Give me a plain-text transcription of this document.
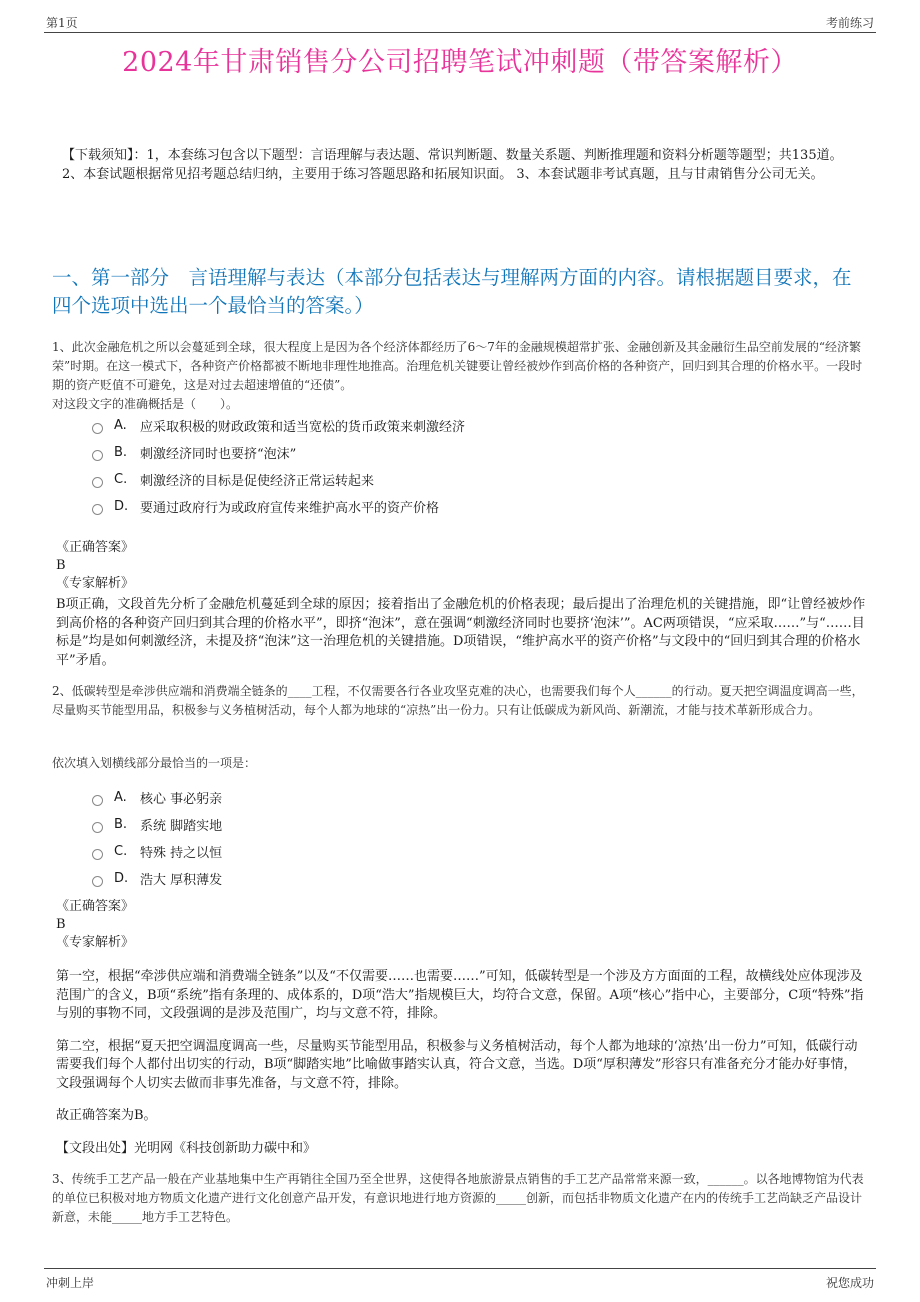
第1页	考前练习
2024年甘肃销售分公司招聘笔试冲刺题（带答案解析）
【下载须知】：1，本套练习包含以下题型：言语理解与表达题、常识判断题、数量关系题、判断推理题和资料分析题等题型；共135道。 2、本套试题根据常见招考题总结归纳，主要用于练习答题思路和拓展知识面。 3、本套试题非考试真题，且与甘肃销售分公司无关。
一、第一部分　言语理解与表达（本部分包括表达与理解两方面的内容。请根据题目要求，在四个选项中选出一个最恰当的答案。）
1、此次金融危机之所以会蔓延到全球，很大程度上是因为各个经济体都经历了6～7年的金融规模超常扩张、金融创新及其金融衍生品空前发展的“经济繁荣”时期。在这一模式下，各种资产价格都被不断地非理性地推高。治理危机关键要让曾经被炒作到高价格的各种资产，回归到其合理的价格水平。一段时期的资产贬值不可避免，这是对过去超速增值的“还债”。
对这段文字的准确概括是（　　）。
A.	应采取积极的财政政策和适当宽松的货币政策来刺激经济
B. 刺激经济同时也要挤“泡沫”
C. 刺激经济的目标是促使经济正常运转起来
D. 要通过政府行为或政府宣传来维护高水平的资产价格
《正确答案》
B
《专家解析》

B项正确，文段首先分析了金融危机蔓延到全球的原因；接着指出了金融危机的价格表现；最后提出了治理危机的关键措施，即“让曾经被炒作到高价格的各种资产回归到其合理的价格水平”，即挤“泡沫”，意在强调“刺激经济同时也要挤‘泡沫’”。AC两项错误，“应采取……”与“……目标是”均是如何刺激经济，未提及挤“泡沫”这一治理危机的关键措施。D项错误，“维护高水平的资产价格”与文段中的“回归到其合理的价格水平”矛盾。

2、低碳转型是牵涉供应端和消费端全链条的____工程，不仅需要各行各业攻坚克难的决心，也需要我们每个人______的行动。夏天把空调温度调高一些，尽量购买节能型用品，积极参与义务植树活动，每个人都为地球的“凉热”出一份力。只有让低碳成为新风尚、新潮流，才能与技术革新形成合力。
依次填入划横线部分最恰当的一项是：
A.	核心 事必躬亲
B. 系统 脚踏实地
C. 特殊 持之以恒
D. 浩大 厚积薄发
《正确答案》
B
《专家解析》

第一空，根据“牵涉供应端和消费端全链条”以及“不仅需要……也需要……”可知，低碳转型是一个涉及方方面面的工程，故横线处应体现涉及范围广的含义，B项“系统”指有条理的、成体系的，D项“浩大”指规模巨大，均符合文意，保留。A项“核心”指中心，主要部分，C项“特殊”指与别的事物不同，文段强调的是涉及范围广，均与文意不符，排除。

第二空，根据“夏天把空调温度调高一些，尽量购买节能型用品，积极参与义务植树活动，每个人都为地球的‘凉热’出一份力”可知，低碳行动需要我们每个人都付出切实的行动，B项“脚踏实地”比喻做事踏实认真，符合文意，当选。D项“厚积薄发”形容只有准备充分才能办好事情，文段强调每个人切实去做而非事先准备，与文意不符，排除。

故正确答案为B。

【文段出处】光明网《科技创新助力碳中和》

3、传统手工艺产品一般在产业基地集中生产再销往全国乃至全世界，这使得各地旅游景点销售的手工艺产品常常来源一致，______。以各地博物馆为代表的单位已积极对地方物质文化遗产进行文化创意产品开发，有意识地进行地方资源的_____创新，而包括非物质文化遗产在内的传统手工艺尚缺乏产品设计新意，未能_____地方手工艺特色。
冲刺上岸	祝您成功
